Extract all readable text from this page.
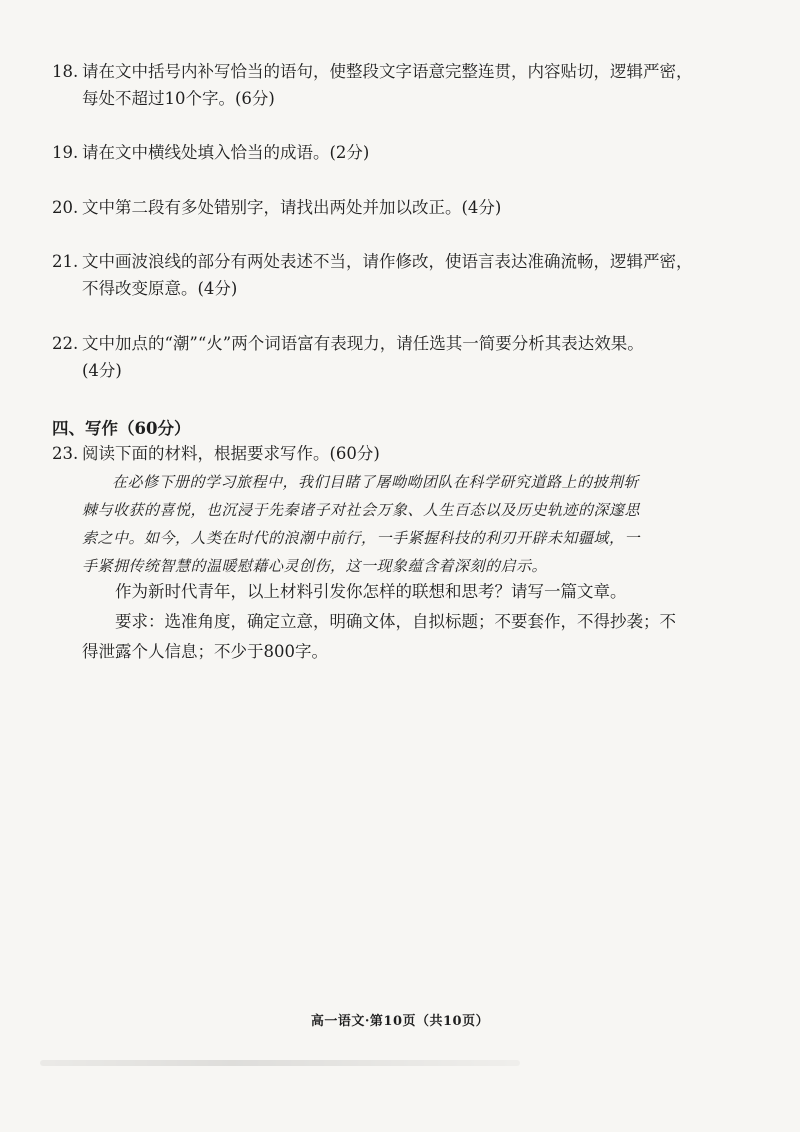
18. 请在文中括号内补写恰当的语句，使整段文字语意完整连贯，内容贴切，逻辑严密，
每处不超过10个字。(6分)
19. 请在文中横线处填入恰当的成语。(2分)
20. 文中第二段有多处错别字，请找出两处并加以改正。(4分)
21. 文中画波浪线的部分有两处表述不当，请作修改，使语言表达准确流畅，逻辑严密，
不得改变原意。(4分)
22. 文中加点的“潮”“火”两个词语富有表现力，请任选其一简要分析其表达效果。
(4分)
四、写作（60分）
23. 阅读下面的材料，根据要求写作。(60分)

在必修下册的学习旅程中，我们目睹了屠呦呦团队在科学研究道路上的披荆斩

棘与收获的喜悦，也沉浸于先秦诸子对社会万象、人生百态以及历史轨迹的深邃思
索之中。如今，人类在时代的浪潮中前行，一手紧握科技的利刃开辟未知疆域，一
手紧拥传统智慧的温暖慰藉心灵创伤，这一现象蕴含着深刻的启示。

作为新时代青年，以上材料引发你怎样的联想和思考？请写一篇文章。

要求：选准角度，确定立意，明确文体，自拟标题；不要套作，不得抄袭；不

得泄露个人信息；不少于800字。
高一语文·第10页（共10页）
